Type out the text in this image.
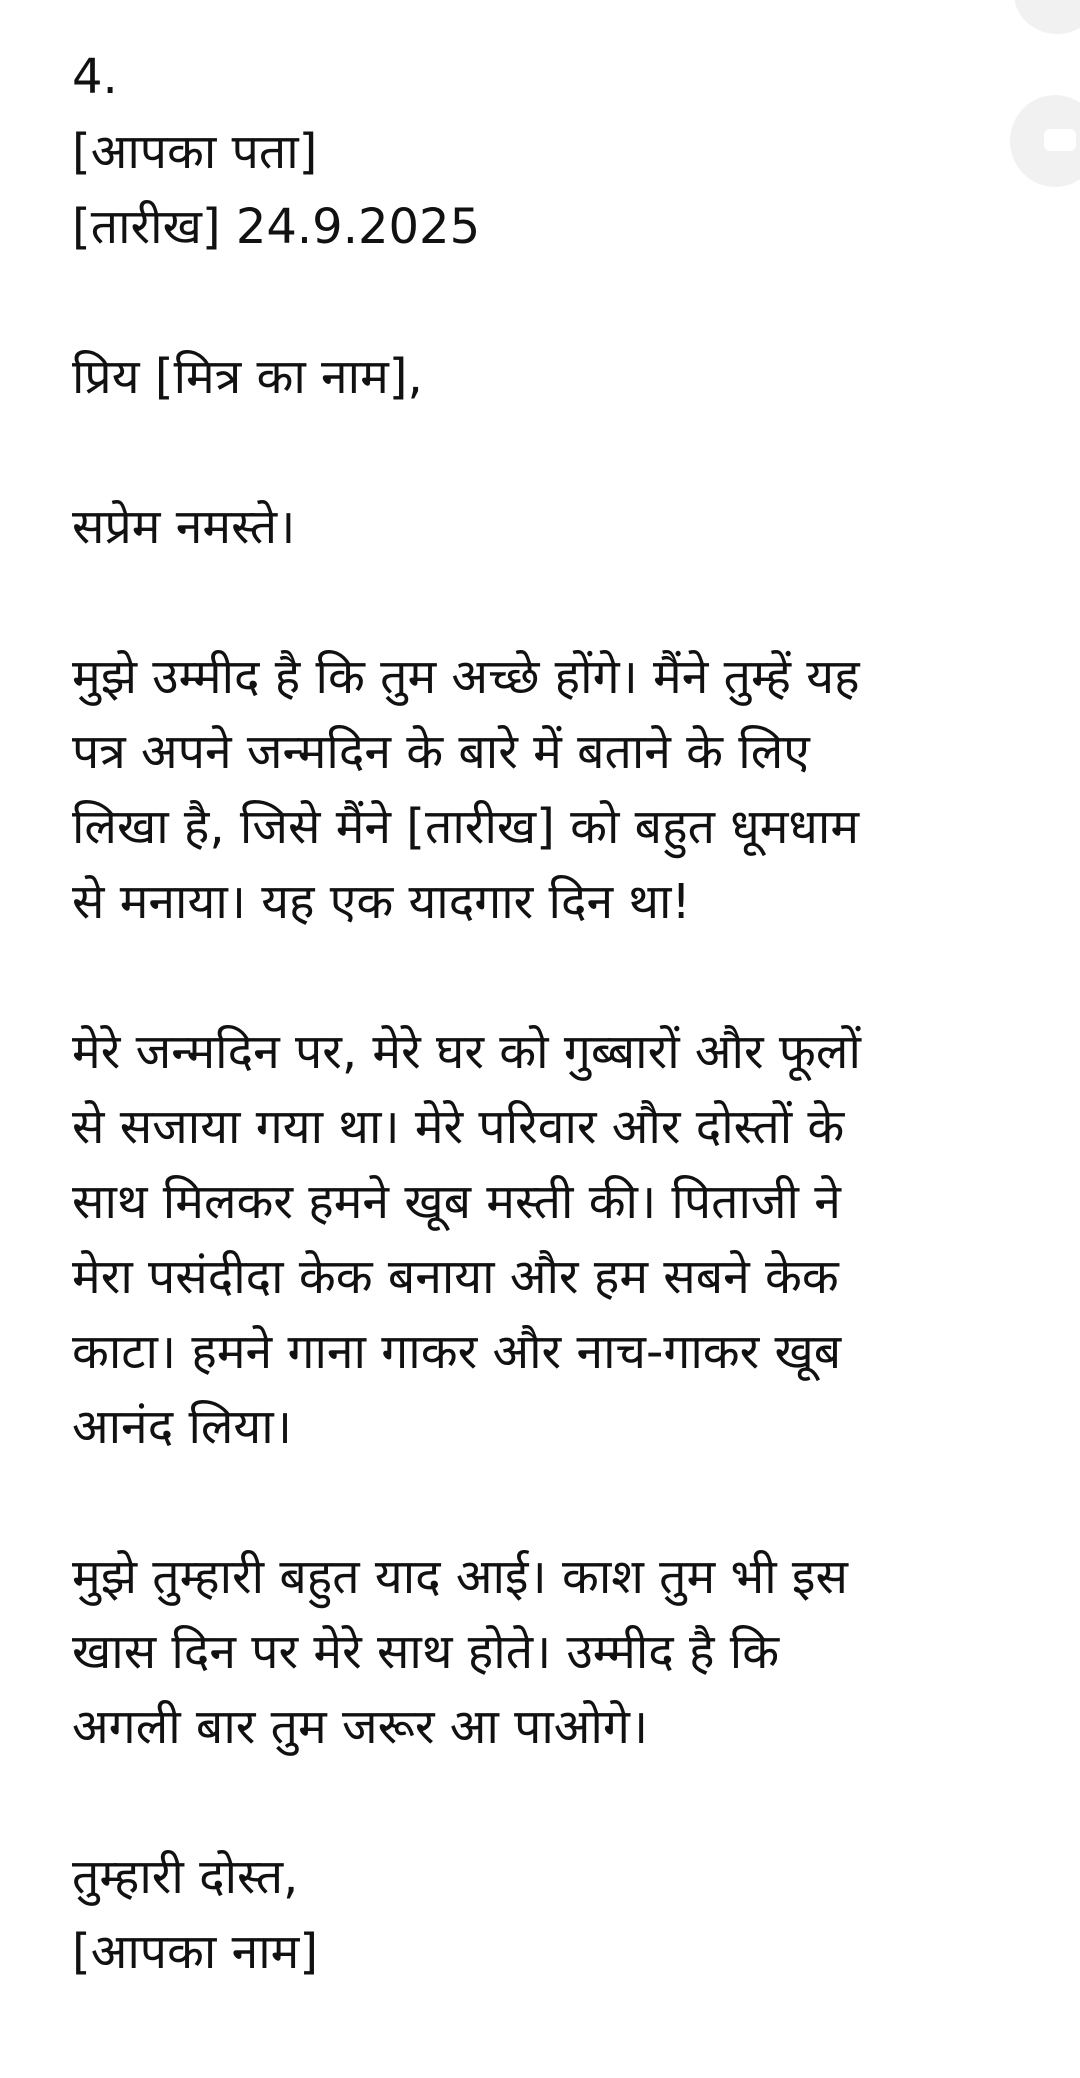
4.
[आपका पता]
[तारीख] 24.9.2025
प्रिय [मित्र का नाम],
सप्रेम नमस्ते।
मुझे उम्मीद है कि तुम अच्छे होंगे। मैंने तुम्हें यह
पत्र अपने जन्मदिन के बारे में बताने के लिए
लिखा है, जिसे मैंने [तारीख] को बहुत धूमधाम
से मनाया। यह एक यादगार दिन था!
मेरे जन्मदिन पर, मेरे घर को गुब्बारों और फूलों
से सजाया गया था। मेरे परिवार और दोस्तों के
साथ मिलकर हमने खूब मस्ती की। पिताजी ने
मेरा पसंदीदा केक बनाया और हम सबने केक
काटा। हमने गाना गाकर और नाच-गाकर खूब
आनंद लिया।
मुझे तुम्हारी बहुत याद आई। काश तुम भी इस
खास दिन पर मेरे साथ होते। उम्मीद है कि
अगली बार तुम जरूर आ पाओगे।
तुम्हारी दोस्त,
[आपका नाम]
